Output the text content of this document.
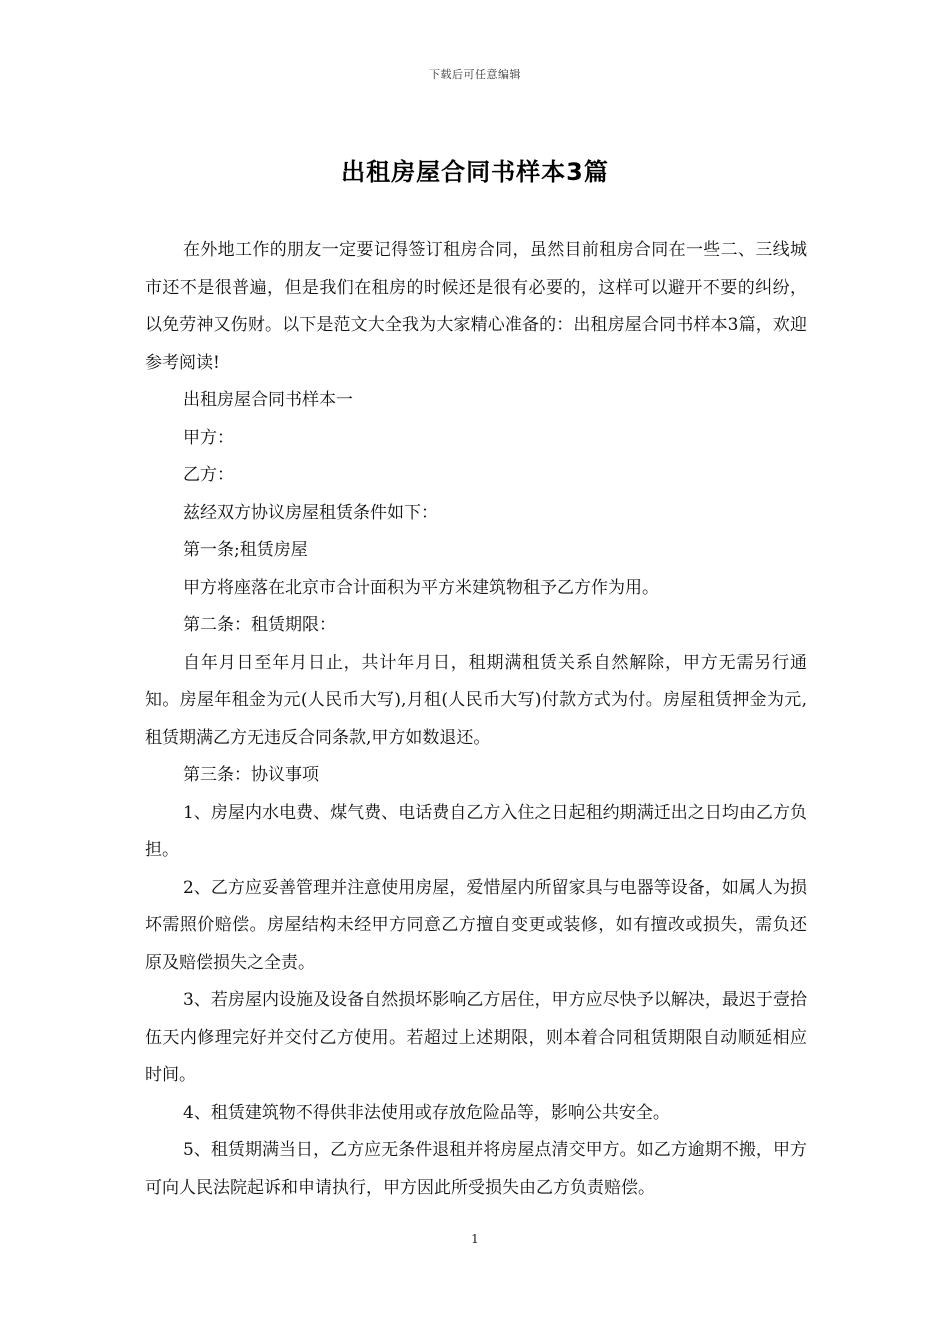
下载后可任意编辑
出租房屋合同书样本3篇

在外地工作的朋友一定要记得签订租房合同，虽然目前租房合同在一些二、三线城市还不是很普遍，但是我们在租房的时候还是很有必要的，这样可以避开不要的纠纷，以免劳神又伤财。以下是范文大全我为大家精心准备的：出租房屋合同书样本3篇，欢迎参考阅读!

出租房屋合同书样本一

甲方：

乙方：

兹经双方协议房屋租赁条件如下：

第一条;租赁房屋

甲方将座落在北京市合计面积为平方米建筑物租予乙方作为用。

第二条：租赁期限：

自年月日至年月日止，共计年月日，租期满租赁关系自然解除，甲方无需另行通知。房屋年租金为元(人民币大写),月租(人民币大写)付款方式为付。房屋租赁押金为元,租赁期满乙方无违反合同条款,甲方如数退还。

第三条：协议事项

1、房屋内水电费、煤气费、电话费自乙方入住之日起租约期满迁出之日均由乙方负担。

2、乙方应妥善管理并注意使用房屋，爱惜屋内所留家具与电器等设备，如属人为损坏需照价赔偿。房屋结构未经甲方同意乙方擅自变更或装修，如有擅改或损失，需负还原及赔偿损失之全责。

3、若房屋内设施及设备自然损坏影响乙方居住，甲方应尽快予以解决，最迟于壹拾伍天内修理完好并交付乙方使用。若超过上述期限，则本着合同租赁期限自动顺延相应时间。

4、租赁建筑物不得供非法使用或存放危险品等，影响公共安全。

5、租赁期满当日，乙方应无条件退租并将房屋点清交甲方。如乙方逾期不搬，甲方可向人民法院起诉和申请执行，甲方因此所受损失由乙方负责赔偿。

1
